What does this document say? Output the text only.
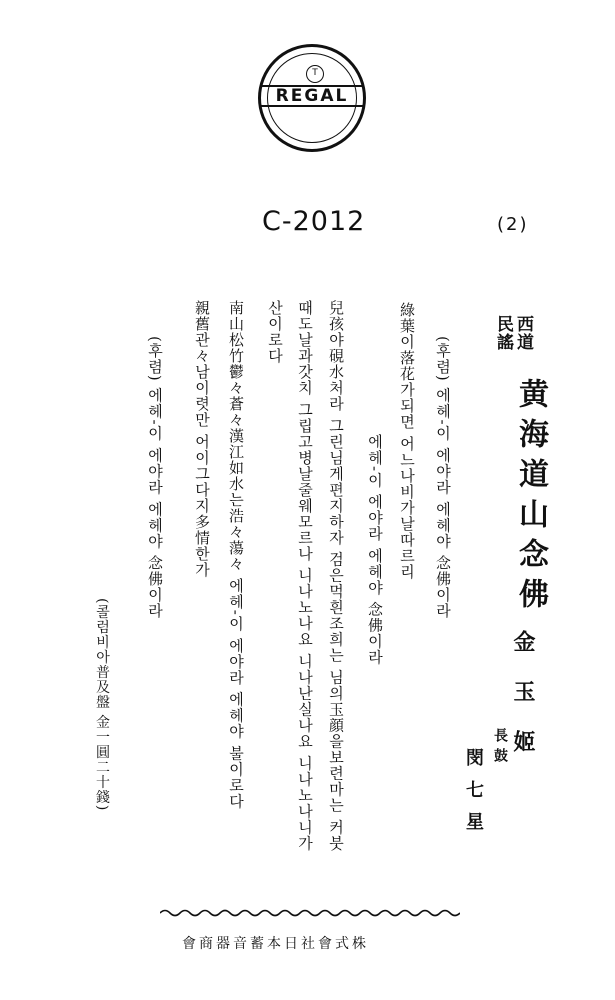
T
REGAL
C-2012	(2)
西道
民謠
黄海道山念佛
金玉姬
長
鼓
閔七星
(후렴) 에헤-이 에야라 에헤야 念佛이라
綠葉이落花가되면 어느나비가날따르리
에헤-이 에야라 에헤야 念佛이라
兒孩야硯水처라 그린님게편지하자 검은먹흰조희는 님의玉顔을보련마는 커붓
때도날과갓치 그립고병날줄웨모르나 니나노나요 니나난실나요 니나노나니가
산이로다
南山松竹鬱々蒼々漢江如水는浩々蕩々 에헤-이 에야라 에헤야 불이로다
親舊관々남이렷만 어이그다지多情한가
(후렴) 에헤-이 에야라 에헤야 念佛이라
(콜럼비아普及盤 金一圓二十錢)
會商器音蓄本日社會式株
